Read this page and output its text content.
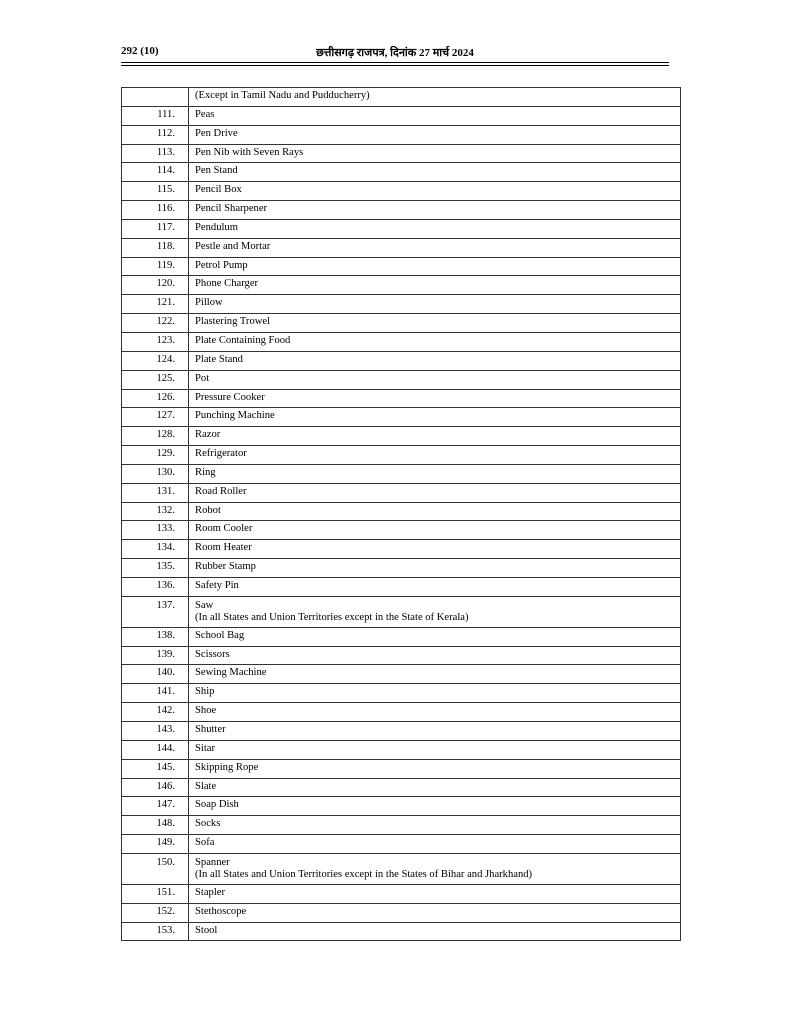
292 (10)	छत्तीसगढ़ राजपत्र, दिनांक 27 मार्च 2024
	(Except in Tamil Nadu and Pudducherry)
111.	Peas

112.	Pen Drive

113.	Pen Nib with Seven Rays

114.	Pen Stand

115.	Pencil Box

116.	Pencil Sharpener

117.	Pendulum

118.	Pestle and Mortar

119.	Petrol Pump

120.	Phone Charger

121.	Pillow

122.	Plastering Trowel

123.	Plate Containing Food

124.	Plate Stand

125.	Pot

126.	Pressure Cooker

127.	Punching Machine

128.	Razor

129.	Refrigerator

130.	Ring

131.	Road Roller

132.	Robot

133.	Room Cooler

134.	Room Heater

135.	Rubber Stamp

136.	Safety Pin

137.	Saw
(In all States and Union Territories except in the State of Kerala)

138.	School Bag

139.	Scissors

140.	Sewing Machine

141.	Ship

142.	Shoe

143.	Shutter

144.	Sitar

145.	Skipping Rope

146.	Slate

147.	Soap Dish

148.	Socks

149.	Sofa

150.	Spanner
(In all States and Union Territories except in the States of Bihar and Jharkhand)

151.	Stapler

152.	Stethoscope

153.	Stool
